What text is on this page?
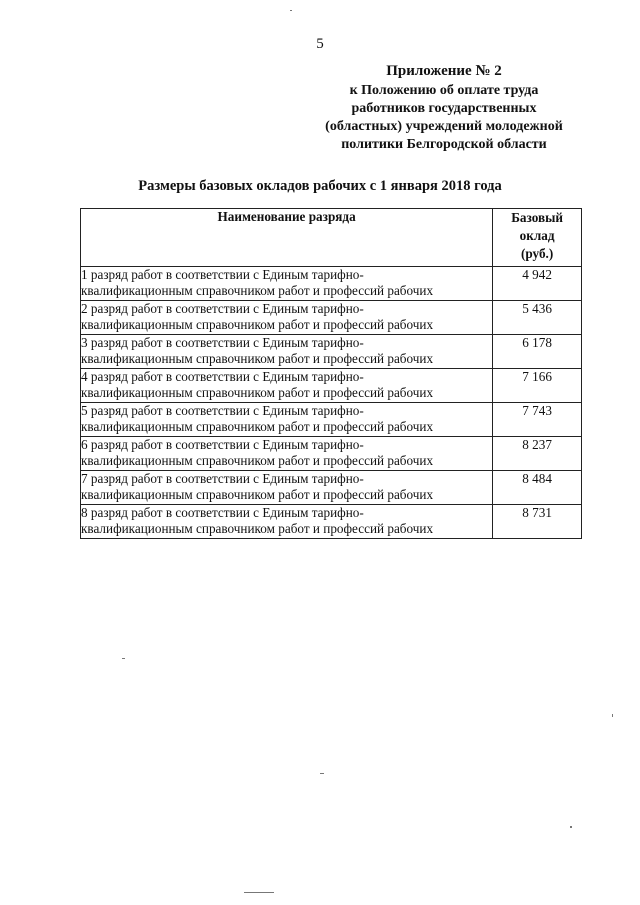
5
Приложение № 2
к Положению об оплате труда
работников государственных
(областных) учреждений молодежной
политики Белгородской области
Размеры базовых окладов рабочих с 1 января 2018 года
Наименование разряда	Базовый
оклад
(руб.)

1 разряд работ в соответствии с Единым тарифно-
квалификационным справочником работ и профессий рабочих	4 942

2 разряд работ в соответствии с Единым тарифно-
квалификационным справочником работ и профессий рабочих	5 436

3 разряд работ в соответствии с Единым тарифно-
квалификационным справочником работ и профессий рабочих	6 178

4 разряд работ в соответствии с Единым тарифно-
квалификационным справочником работ и профессий рабочих	7 166

5 разряд работ в соответствии с Единым тарифно-
квалификационным справочником работ и профессий рабочих	7 743

6 разряд работ в соответствии с Единым тарифно-
квалификационным справочником работ и профессий рабочих	8 237

7 разряд работ в соответствии с Единым тарифно-
квалификационным справочником работ и профессий рабочих	8 484

8 разряд работ в соответствии с Единым тарифно-
квалификационным справочником работ и профессий рабочих	8 731
